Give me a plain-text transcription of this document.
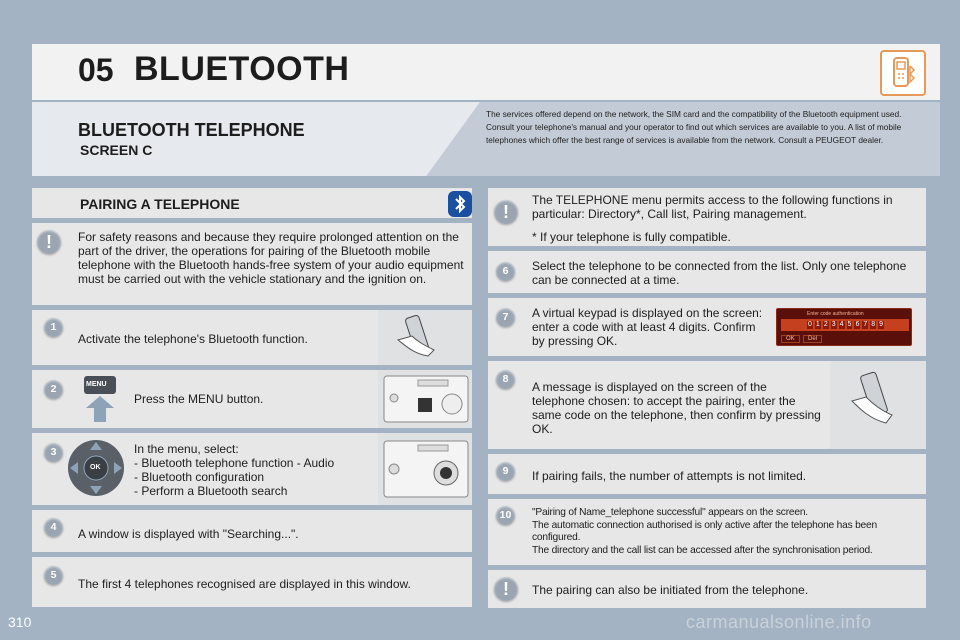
05 BLUETOOTH
BLUETOOTH TELEPHONE
SCREEN C
The services offered depend on the network, the SIM card and the compatibility of the Bluetooth equipment used.
Consult your telephone's manual and your operator to find out which services are available to you. A list of mobile telephones which offer the best range of services is available from the network. Consult a PEUGEOT dealer.
PAIRING A TELEPHONE
!	For safety reasons and because they require prolonged attention on the part of the driver, the operations for pairing of the Bluetooth mobile telephone with the Bluetooth hands-free system of your audio equipment must be carried out with the vehicle stationary and the ignition on.
1
Activate the telephone's Bluetooth function.
2	MENU
Press the MENU button.
3
OK
In the menu, select:
- Bluetooth telephone function - Audio
- Bluetooth configuration
- Perform a Bluetooth search
4	A window is displayed with "Searching...".
5
The first 4 telephones recognised are displayed in this window.
!
The TELEPHONE menu permits access to the following functions in particular: Directory*, Call list, Pairing management.
* If your telephone is fully compatible.
6	Select the telephone to be connected from the list. Only one telephone can be connected at a time.
7	A virtual keypad is displayed on the screen: enter a code with at least 4 digits. Confirm by pressing OK.
Enter code authentication
0 1 2 3 4 5 6 7 8 9
OK	Del
8
A message is displayed on the screen of the telephone chosen: to accept the pairing, enter the same code on the telephone, then confirm by pressing OK.
9	If pairing fails, the number of attempts is not limited.
10	"Pairing of Name_telephone successful" appears on the screen.
The automatic connection authorised is only active after the telephone has been configured.
The directory and the call list can be accessed after the synchronisation period.
!	The pairing can also be initiated from the telephone.
310	carmanualsonline.info
